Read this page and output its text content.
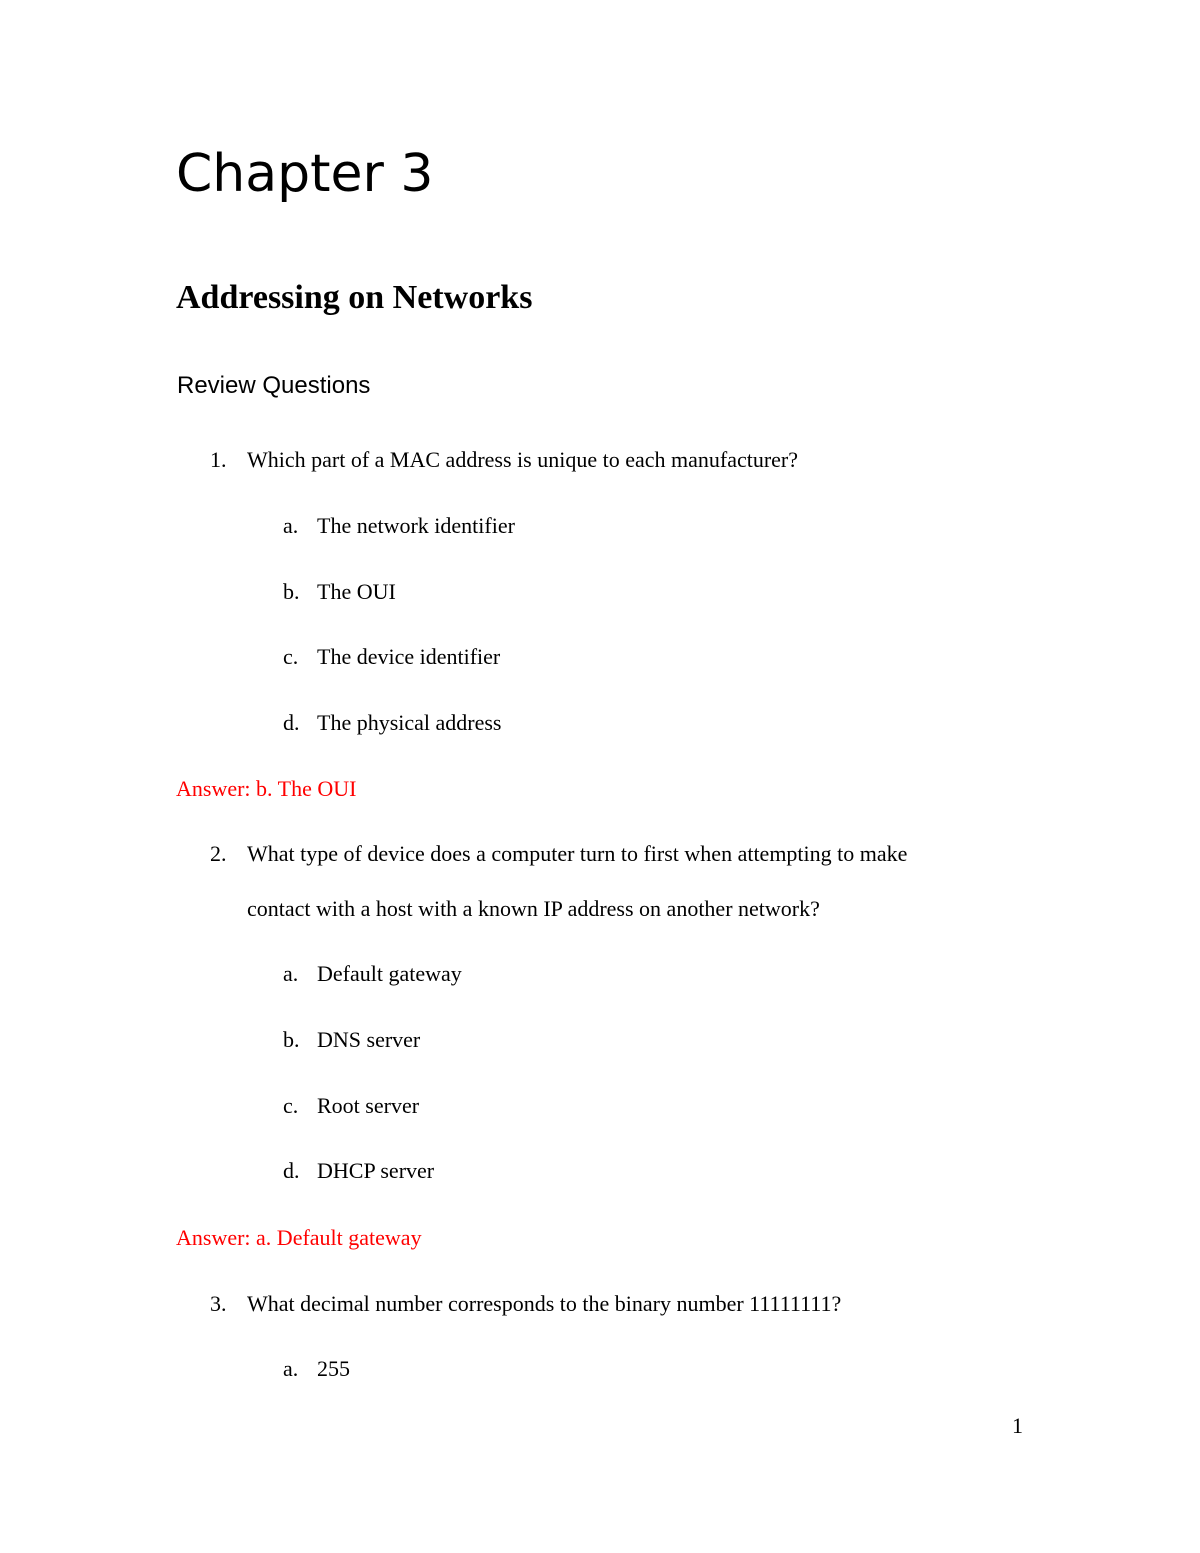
Chapter 3
Addressing on Networks
Review Questions
1. Which part of a MAC address is unique to each manufacturer?
a. The network identifier
b. The OUI
c. The device identifier
d. The physical address
Answer: b. The OUI
2. What type of device does a computer turn to first when attempting to make
contact with a host with a known IP address on another network?
a. Default gateway
b. DNS server
c. Root server
d. DHCP server
Answer: a. Default gateway
3. What decimal number corresponds to the binary number 11111111?
a. 255
1
